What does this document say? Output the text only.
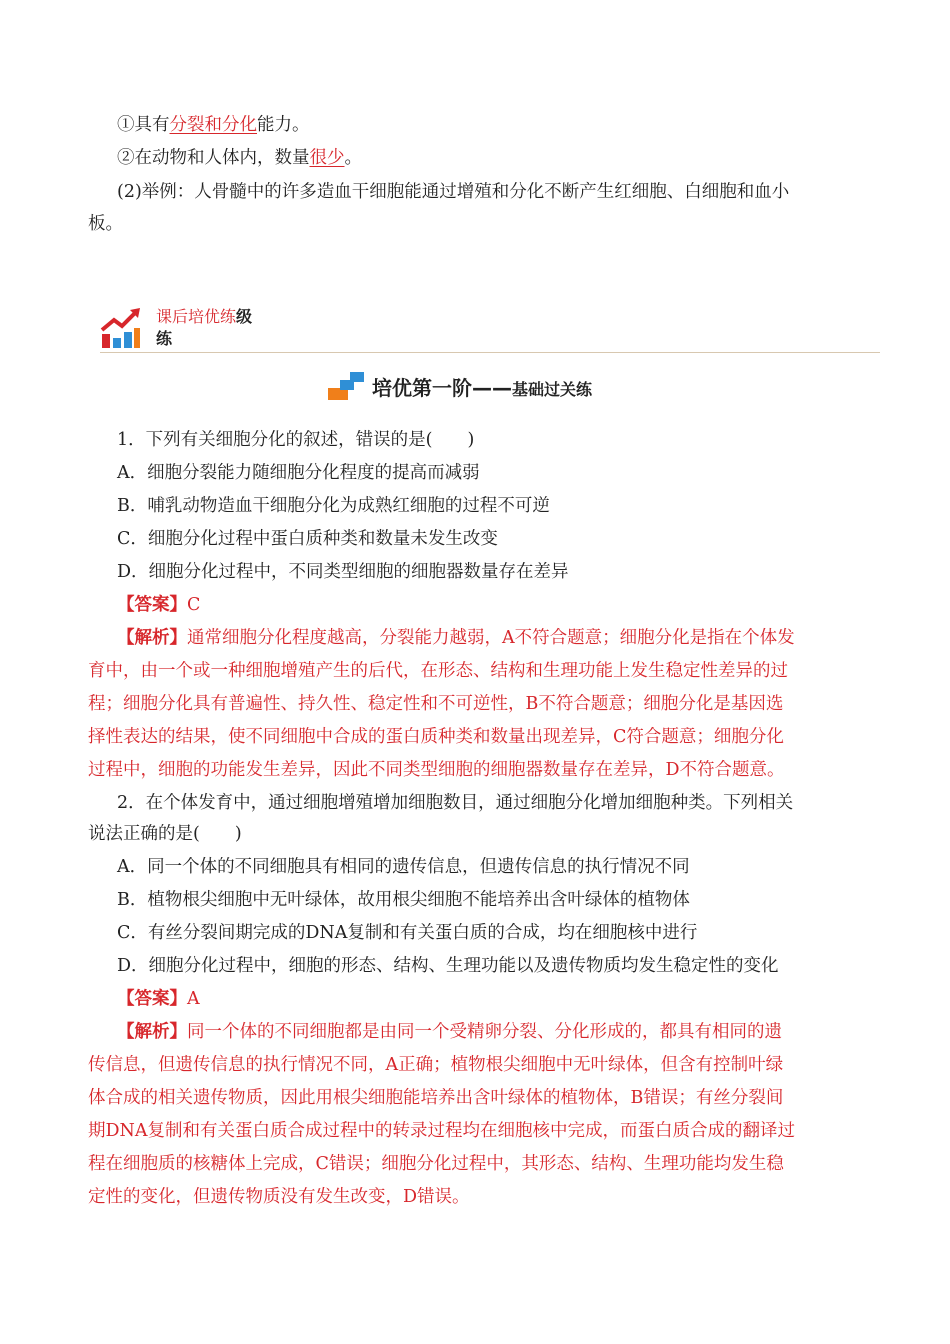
①具有分裂和分化能力。
②在动物和人体内，数量很少。
(2)举例：人骨髓中的许多造血干细胞能通过增殖和分化不断产生红细胞、白细胞和血小
板。
课后培优练级
练
培优第一阶——基础过关练
1．下列有关细胞分化的叙述，错误的是(　　)
A．细胞分裂能力随细胞分化程度的提高而减弱
B．哺乳动物造血干细胞分化为成熟红细胞的过程不可逆
C．细胞分化过程中蛋白质种类和数量未发生改变
D．细胞分化过程中，不同类型细胞的细胞器数量存在差异
【答案】C
【解析】通常细胞分化程度越高，分裂能力越弱，A不符合题意；细胞分化是指在个体发
育中，由一个或一种细胞增殖产生的后代，在形态、结构和生理功能上发生稳定性差异的过
程；细胞分化具有普遍性、持久性、稳定性和不可逆性，B不符合题意；细胞分化是基因选
择性表达的结果，使不同细胞中合成的蛋白质种类和数量出现差异，C符合题意；细胞分化
过程中，细胞的功能发生差异，因此不同类型细胞的细胞器数量存在差异，D不符合题意。
2．在个体发育中，通过细胞增殖增加细胞数目，通过细胞分化增加细胞种类。下列相关
说法正确的是(　　)
A．同一个体的不同细胞具有相同的遗传信息，但遗传信息的执行情况不同
B．植物根尖细胞中无叶绿体，故用根尖细胞不能培养出含叶绿体的植物体
C．有丝分裂间期完成的DNA复制和有关蛋白质的合成，均在细胞核中进行
D．细胞分化过程中，细胞的形态、结构、生理功能以及遗传物质均发生稳定性的变化
【答案】A
【解析】同一个体的不同细胞都是由同一个受精卵分裂、分化形成的，都具有相同的遗
传信息，但遗传信息的执行情况不同，A正确；植物根尖细胞中无叶绿体，但含有控制叶绿
体合成的相关遗传物质，因此用根尖细胞能培养出含叶绿体的植物体，B错误；有丝分裂间
期DNA复制和有关蛋白质合成过程中的转录过程均在细胞核中完成，而蛋白质合成的翻译过
程在细胞质的核糖体上完成，C错误；细胞分化过程中，其形态、结构、生理功能均发生稳
定性的变化，但遗传物质没有发生改变，D错误。
